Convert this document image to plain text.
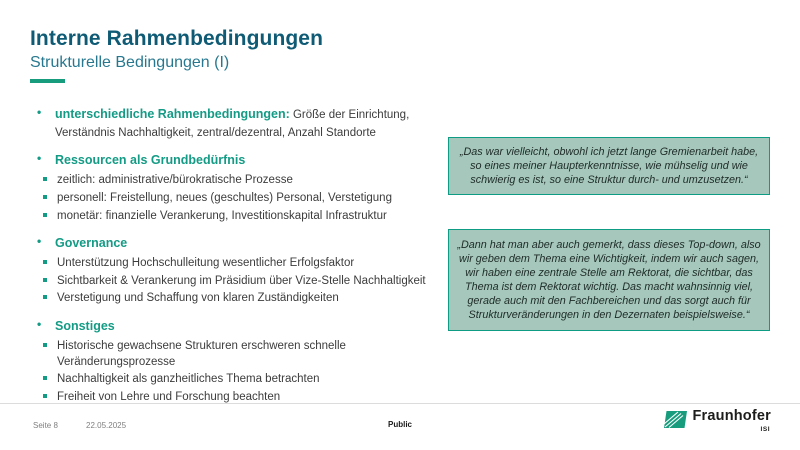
Interne Rahmenbedingungen
Strukturelle Bedingungen (I)
• unterschiedliche Rahmenbedingungen: Größe der Einrichtung, Verständnis Nachhaltigkeit, zentral/dezentral, Anzahl Standorte
• Ressourcen als Grundbedürfnis
zeitlich: administrative/bürokratische Prozesse
personell: Freistellung, neues (geschultes) Personal, Verstetigung
monetär: finanzielle Verankerung, Investitionskapital Infrastruktur
• Governance
Unterstützung Hochschulleitung wesentlicher Erfolgsfaktor
Sichtbarkeit & Verankerung im Präsidium über Vize-Stelle Nachhaltigkeit
Verstetigung und Schaffung von klaren Zuständigkeiten
• Sonstiges
Historische gewachsene Strukturen erschweren schnelle Veränderungsprozesse
Nachhaltigkeit als ganzheitliches Thema betrachten
Freiheit von Lehre und Forschung beachten
„Das war vielleicht, obwohl ich jetzt lange Gremienarbeit habe, so eines meiner Haupterkenntnisse, wie mühselig und wie schwierig es ist, so eine Struktur durch- und umzusetzen.“
„Dann hat man aber auch gemerkt, dass dieses Top-down, also wir geben dem Thema eine Wichtigkeit, indem wir auch sagen, wir haben eine zentrale Stelle am Rektorat, die sichtbar, das Thema ist dem Rektorat wichtig. Das macht wahnsinnig viel, gerade auch mit den Fachbereichen und das sorgt auch für Strukturveränderungen in den Dezernaten beispielsweise.“
Seite 8	22.05.2025	Public
Fraunhofer
ISI
